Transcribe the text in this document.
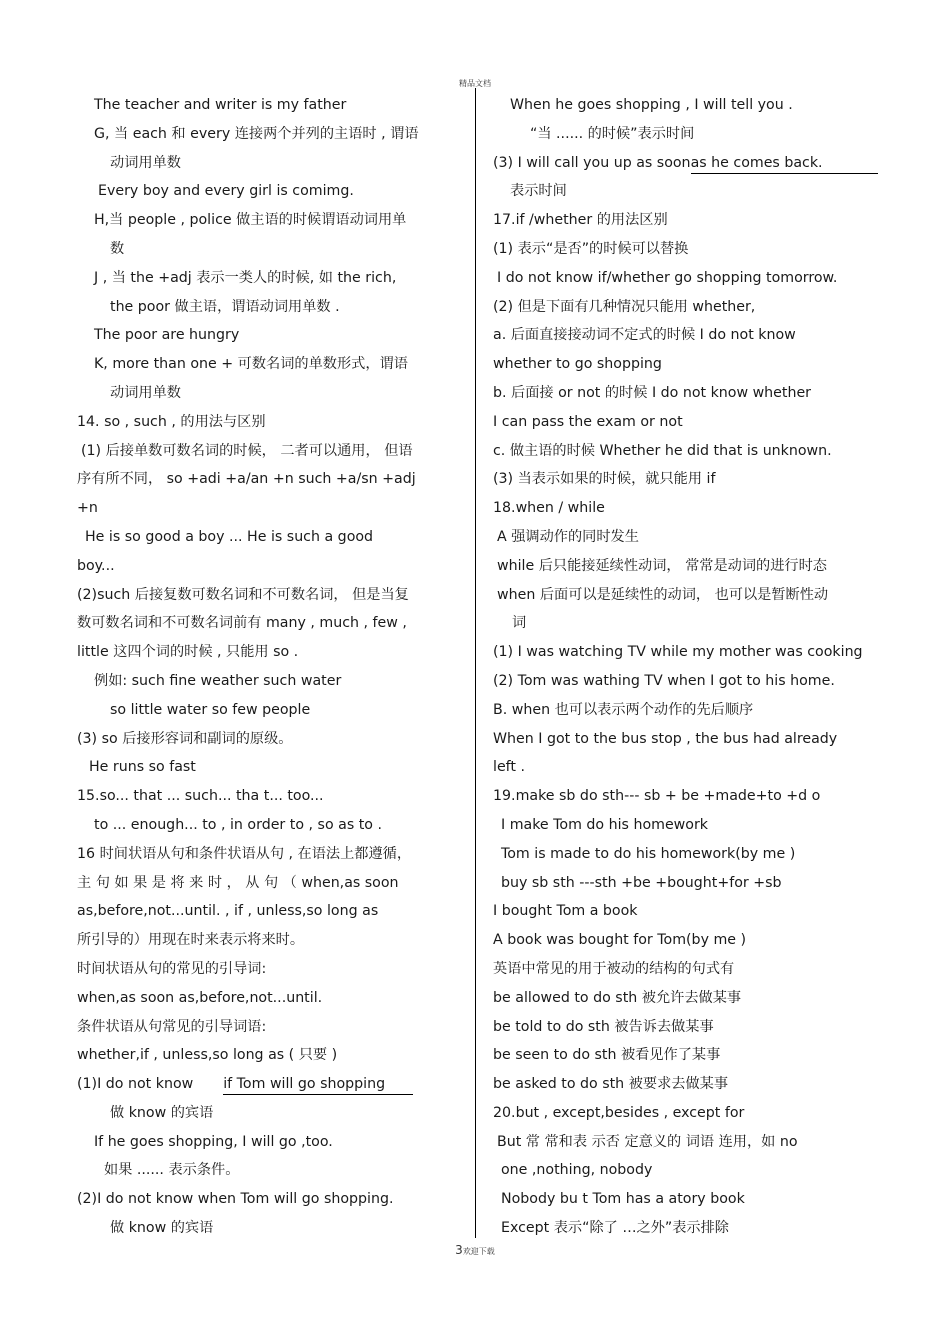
精品文档
The teacher and writer is my father
G, 当 each 和 every 连接两个并列的主语时 , 谓语
动词用单数
Every boy and every girl is comimg.
H,当 people , police 做主语的时候谓语动词用单
数
J , 当 the +adj 表示一类人的时候, 如 the rich,
the poor 做主语，谓语动词用单数 .
The poor are hungry
K, more than one + 可数名词的单数形式，谓语
动词用单数
14. so , such , 的用法与区别
(1) 后接单数可数名词的时候， 二者可以通用， 但语
序有所不同， so +adi +a/an +n such +a/sn +adj
+n
He is so good a boy ... He is such a good
boy...
(2)such 后接复数可数名词和不可数名词， 但是当复
数可数名词和不可数名词前有 many , much , few ,
little 这四个词的时候 , 只能用 so .
例如: such fine weather such water
so little water so few people
(3) so 后接形容词和副词的原级。
He runs so fast
15.so... that ... such... tha t... too...
to ... enough... to , in order to , so as to .
16 时间状语从句和条件状语从句 , 在语法上都遵循，
主 句 如 果 是 将 来 时 ， 从 句 （ when,as soon
as,before,not...until. , if , unless,so long as
所引导的）用现在时来表示将来时。
时间状语从句的常见的引导词:
when,as soon as,before,not...until.
条件状语从句常见的引导词语:
whether,if , unless,so long as ( 只要 )
(1)I do not know if Tom will go shopping
做 know 的宾语
If he goes shopping, I will go ,too.
如果 ...... 表示条件。
(2)I do not know when Tom will go shopping.
做 know 的宾语
When he goes shopping , I will tell you .
“当 ...... 的时候”表示时间
(3) I will call you up as soonas he comes back.
表示时间
17.if /whether 的用法区别
(1) 表示“是否”的时候可以替换
I do not know if/whether go shopping tomorrow.
(2) 但是下面有几种情况只能用 whether,
a. 后面直接接动词不定式的时候 I do not know
whether to go shopping
b. 后面接 or not 的时候 I do not know whether
I can pass the exam or not
c. 做主语的时候 Whether he did that is unknown.
(3) 当表示如果的时候，就只能用 if
18.when / while
A 强调动作的同时发生
while 后只能接延续性动词， 常常是动词的进行时态
when 后面可以是延续性的动词， 也可以是暂断性动
词
(1) I was watching TV while my mother was cooking
(2) Tom was wathing TV when I got to his home.
B. when 也可以表示两个动作的先后顺序
When I got to the bus stop , the bus had already
left .
19.make sb do sth--- sb + be +made+to +d o
I make Tom do his homework
Tom is made to do his homework(by me )
buy sb sth ---sth +be +bought+for +sb
I bought Tom a book
A book was bought for Tom(by me )
英语中常见的用于被动的结构的句式有
be allowed to do sth 被允许去做某事
be told to do sth 被告诉去做某事
be seen to do sth 被看见作了某事
be asked to do sth 被要求去做某事
20.but , except,besides , except for
But 常 常和表 示否 定意义的 词语 连用，如 no
one ,nothing, nobody
Nobody bu t Tom has a atory book
Except 表示“除了 …之外”表示排除
3欢迎下载
